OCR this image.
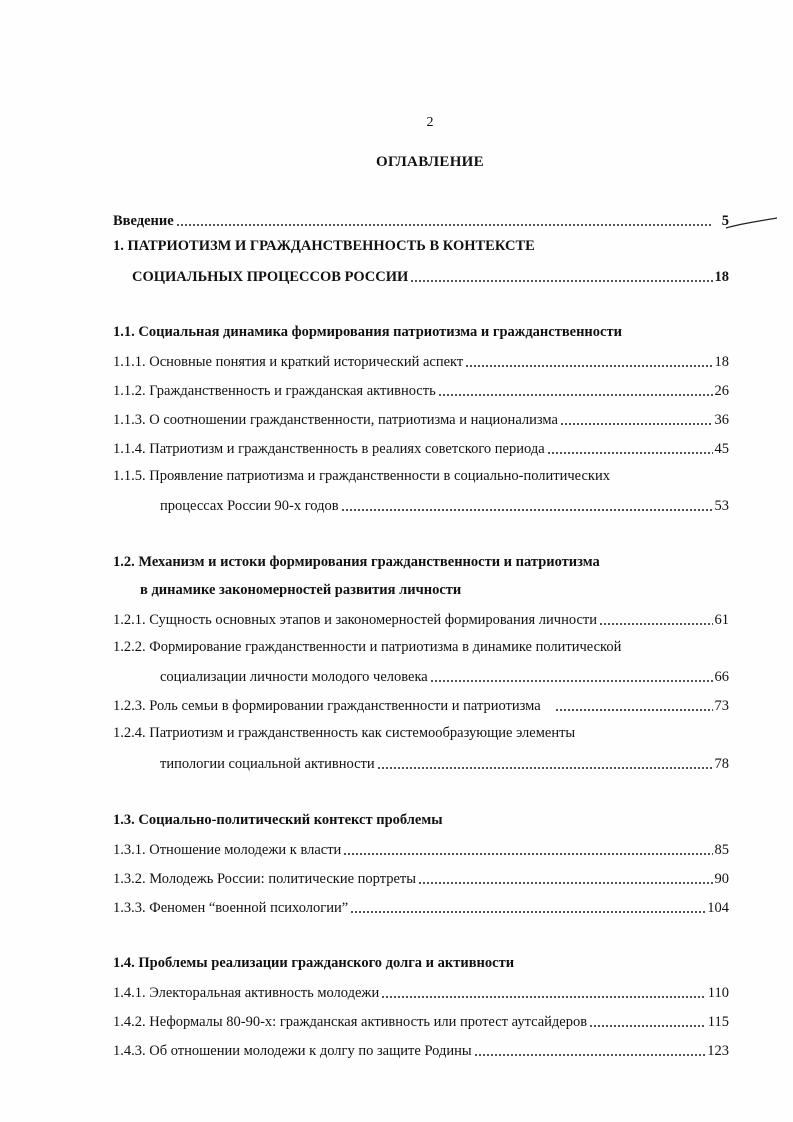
2
ОГЛАВЛЕНИЕ
Введение	5
1. ПАТРИОТИЗМ И ГРАЖДАНСТВЕННОСТЬ В КОНТЕКСТЕ
СОЦИАЛЬНЫХ ПРОЦЕССОВ РОССИИ	18
1.1. Социальная динамика формирования патриотизма и гражданственности
1.1.1. Основные понятия и краткий исторический аспект	18
1.1.2. Гражданственность и гражданская активность	26
1.1.3. О соотношении гражданственности, патриотизма и национализма	36
1.1.4. Патриотизм и гражданственность в реалиях советского периода	45
1.1.5. Проявление патриотизма и гражданственности в социально-политических
процессах России 90-х годов	53
1.2. Механизм и истоки формирования гражданственности и патриотизма
в динамике закономерностей развития личности
1.2.1. Сущность основных этапов и закономерностей формирования личности	61
1.2.2. Формирование гражданственности и патриотизма в динамике политической
социализации личности молодого человека	66
1.2.3. Роль семьи в формировании гражданственности и патриотизма	73
1.2.4. Патриотизм и гражданственность как системообразующие элементы
типологии социальной активности	78
1.3. Социально-политический контекст проблемы
1.3.1. Отношение молодежи к власти	85
1.3.2. Молодежь России: политические портреты	90
1.3.3. Феномен “военной психологии”	104
1.4. Проблемы реализации гражданского долга и активности
1.4.1. Электоральная активность молодежи	110
1.4.2. Неформалы 80-90-х: гражданская активность или протест аутсайдеров	115
1.4.3. Об отношении молодежи к долгу по защите Родины	123
